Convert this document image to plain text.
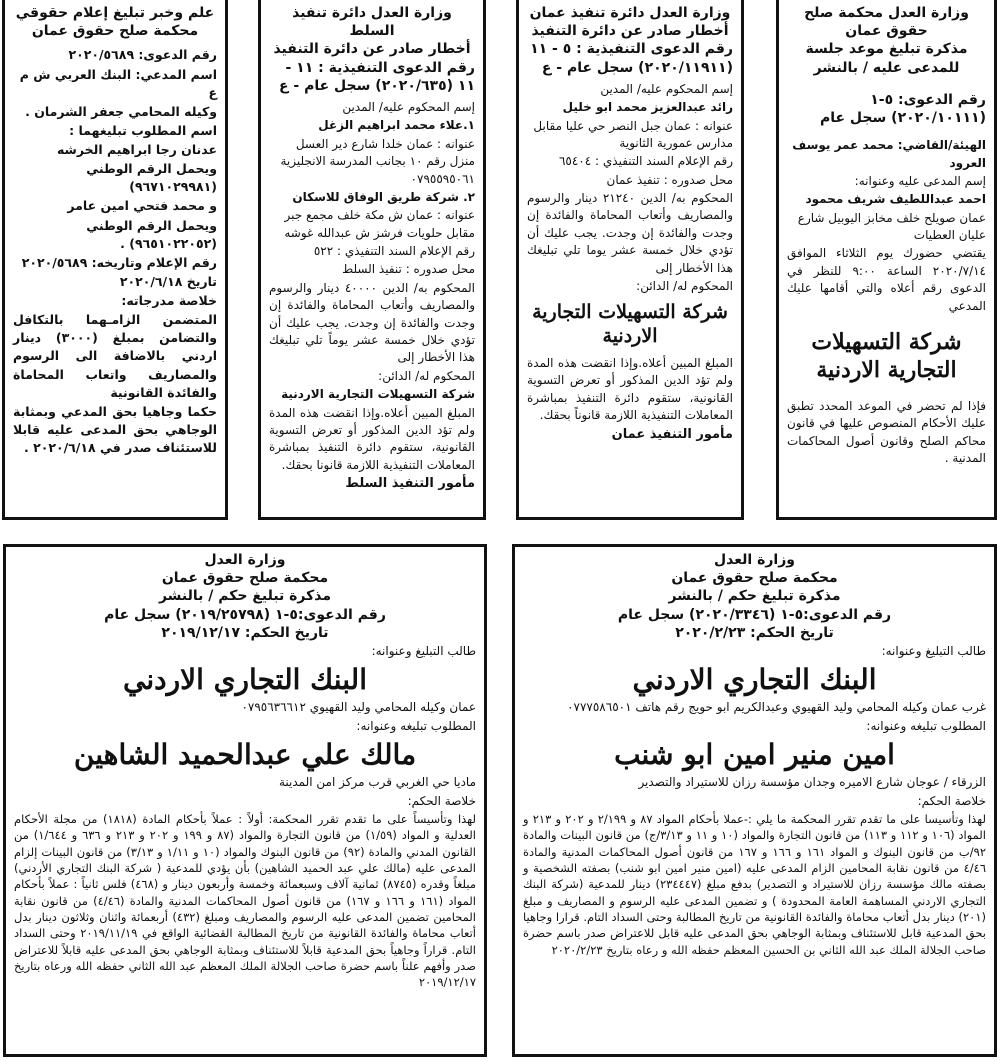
وزارة العدل محكمة صلح حقوق عمان
مذكرة تبليغ موعد جلسة للمدعى عليه / بالنشر
رقم الدعوى: ٥-١ (٢٠٢٠/١٠١١١) سجل عام
الهيئة/القاضي: محمد عمر يوسف العرود
إسم المدعى عليه وعنوانه:
احمد عبداللطيف شريف محمود
عمان صويلح خلف مخابز اليوبيل شارع عليان العطيات
يقتضي حضورك يوم الثلاثاء الموافق ٢٠٢٠/٧/١٤ الساعة ٩:٠٠ للنظر في الدعوى رقم أعلاه والتي أقامها عليك المدعي
شركة التسهيلات التجارية الاردنية
فإذا لم تحضر في الموعد المحدد تطبق عليك الأحكام المنصوص عليها في قانون محاكم الصلح وقانون أصول المحاكمات المدنية .
وزارة العدل دائرة تنفيذ عمان
أخطار صادر عن دائرة التنفيذ
رقم الدعوى التنفيذية : ٥ - ١١ (٢٠٢٠/١١٩١١) سجل عام - ع
إسم المحكوم عليه/ المدين
رائد عبدالعزيز محمد ابو خليل
عنوانه : عمان جبل النصر حي عليا مقابل مدارس عمورية الثانوية
رقم الإعلام السند التنفيذي : ٦٥٤٠٤
محل صدوره : تنفيذ عمان
المحكوم به/ الدين ٢١٢٤٠ دينار والرسوم والمصاريف وأتعاب المحاماة والفائدة إن وجدت والفائدة إن وجدت. يجب عليك أن تؤدي خلال خمسة عشر يوما تلي تبليغك هذا الأخطار إلى
المحكوم له/ الدائن:
شركة التسهيلات التجارية الاردنية
المبلغ المبين أعلاه.وإذا انقضت هذه المدة ولم تؤد الدين المذكور أو تعرض التسوية القانونية، ستقوم دائرة التنفيذ بمباشرة المعاملات التنفيذية اللازمة قانوناً بحقك.
مأمور التنفيذ عمان
وزارة العدل دائرة تنفيذ السلط
أخطار صادر عن دائرة التنفيذ
رقم الدعوى التنفيذية : ١١ - ١١ (٢٠٢٠/٦٣٥) سجل عام - ع
إسم المحكوم عليه/ المدين
١.علاء محمد ابراهيم الزغل
عنوانه : عمان خلدا شارع دير العسل منزل رقم ١٠ بجانب المدرسة الانجليزية ٠٧٩٥٥٩٥٠٦١
٢. شركة طريق الوفاق للاسكان
عنوانه : عمان ش مكة خلف مجمع جبر مقابل حلويات فرشز ش عبدالله غوشه
رقم الإعلام السند التنفيذي : ٥٢٢
محل صدوره : تنفيذ السلط
المحكوم به/ الدين ٤٠٠٠٠ دينار والرسوم والمصاريف وأتعاب المحاماة والفائدة إن وجدت والفائدة إن وجدت. يجب عليك أن تؤدي خلال خمسة عشر يوماً تلي تبليغك هذا الأخطار إلى
المحكوم له/ الدائن:
شركة التسهيلات التجارية الاردنية
المبلغ المبين أعلاه.وإذا انقضت هذه المدة ولم تؤد الدين المذكور أو تعرض التسوية القانونية، ستقوم دائرة التنفيذ بمباشرة المعاملات التنفيذية اللازمة قانونا بحقك.
مأمور التنفيذ السلط
علم وخبر تبليغ إعلام حقوقي
محكمة صلح حقوق عمان
رقم الدعوى: ٢٠٢٠/٥٦٨٩
اسم المدعي: البنك العربي ش م ع
وكيله المحامي جعفر الشرمان .
اسم المطلوب تبليغهما :
عدنان رجا ابراهيم الخرشه
ويحمل الرقم الوطني (٩٦٧١٠٢٩٩٨١)
و محمد فتحي امين عامر
ويحمل الرقم الوطني (٩٦٥١٠٢٢٠٥٢) .
رقم الإعلام وتاريخه: ٢٠٢٠/٥٦٨٩
تاريخ ٢٠٢٠/٦/١٨
خلاصة مدرجاته:
المتضمن الزامـهما بالتكافل والتضامن بمبلغ (٣٠٠٠) دينار اردني بالاضافة الى الرسوم والمصاريف واتعاب المحاماة والفائدة القانونية
حكما وجاهيا بحق المدعي وبمثابة الوجاهي بحق المدعى عليه قابلا للاستئناف صدر في ٢٠٢٠/٦/١٨ .
وزارة العدل
محكمة صلح حقوق عمان
مذكرة تبليغ حكم / بالنشر
رقم الدعوى:٥-١ (٢٠٢٠/٣٣٤٦) سجل عام
تاريخ الحكم: ٢٠٢٠/٢/٢٣
طالب التبليغ وعنوانه:
البنك التجاري الاردني
غرب عمان وكيله المحامي وليد القهيوي وعبدالكريم ابو حويج رقم هاتف ٠٧٧٧٥٨٦٥٠١
المطلوب تبليغه وعنوانه:
امين منير امين ابو شنب
الزرقاء / عوجان شارع الاميره وجدان مؤسسة رزان للاستيراد والتصدير
خلاصة الحكم:
لهذا وتأسيسا على ما تقدم تقرر المحكمة ما يلي :-عملا بأحكام المواد ٨٧ و ٢/١٩٩ و ٢٠٢ و ٢١٣ و المواد (١٠٦ و ١١٢ و ١١٣) من قانون التجارة والمواد (١٠ و ١١ و ٣/١٣/ج) من قانون البينات والمادة ٩٢/ب من قانون البنوك و المواد ١٦١ و ١٦٦ و ١٦٧ من قانون أصول المحاكمات المدنية والمادة ٤/٤٦ من قانون نقابة المحامين الزام المدعى عليه (امين منير امين ابو شنب) بصفته الشخصية و بصفته مالك مؤسسة رزان للاستيراد و التصدير) بدفع مبلغ (٢٣٤٤٤٧) دينار للمدعية (شركة البنك التجاري الاردني المساهمة العامة المحدودة ) و تضمين المدعى عليه الرسوم و المصاريف و مبلغ (٢٠١) دينار بدل أتعاب محاماة والفائدة القانونية من تاريخ المطالبة وحتى السداد التام. قرارا وجاهيا بحق المدعية قابل للاستئناف وبمثابة الوجاهي بحق المدعى عليه قابل للاعتراض صدر باسم حضرة صاحب الجلالة الملك عبد الله الثاني بن الحسين المعظم حفظه الله و رعاه بتاريخ ٢٠٢٠/٢/٢٣
وزارة العدل
محكمة صلح حقوق عمان
مذكرة تبليغ حكم / بالنشر
رقم الدعوى:٥-١ (٢٠١٩/٢٥٧٩٨) سجل عام
تاريخ الحكم: ٢٠١٩/١٢/١٧
طالب التبليغ وعنوانه:
البنك التجاري الاردني
عمان وكيله المحامي وليد القهيوي ٠٧٩٥٦٣٦٦١٢
المطلوب تبليغه وعنوانه:
مالك علي عبدالحميد الشاهين
ماديا حي الغربي قرب مركز امن المدينة
خلاصة الحكم:
لهذا وتأسيساً على ما تقدم تقرر المحكمة: أولاً : عملاً بأحكام المادة (١٨١٨) من مجلة الأحكام العدلية و المواد (١/٥٩) من قانون التجارة والمواد (٨٧ و ١٩٩ و ٢٠٢ و ٢١٣ و ٦٣٦ و ١/٦٤٤) من القانون المدني والمادة (٩٢) من قانون البنوك والمواد (١٠ و ١/١١ و ٣/١٣) من قانون البينات إلزام المدعى عليه (مالك علي عبد الحميد الشاهين) بأن يؤدي للمدعية ( شركة البنك التجاري الأردني) مبلغاً وقدره (٨٧٤٥) ثمانية آلاف وسبعمائة وخمسة وأربعون دينار و (٤٦٨) فلس ثانياً : عملاً بأحكام المواد (١٦١ و ١٦٦ و ١٦٧) من قانون أصول المحاكمات المدنية والمادة (٤/٤٦) من قانون نقابة المحامين تضمين المدعى عليه الرسوم والمصاريف ومبلغ (٤٣٢) أربعمائة واثنان وثلاثون دينار بدل أتعاب محاماة والفائدة القانونية من تاريخ المطالبة القضائية الواقع في ٢٠١٩/١١/١٩ وحتى السداد التام. قراراً وجاهياً بحق المدعية قابلاً للاستئناف وبمثابة الوجاهي بحق المدعى عليه قابلاً للاعتراض صدر وأفهم علناً باسم حضرة صاحب الجلالة الملك المعظم عبد الله الثاني حفظه الله ورعاه بتاريخ ٢٠١٩/١٢/١٧
